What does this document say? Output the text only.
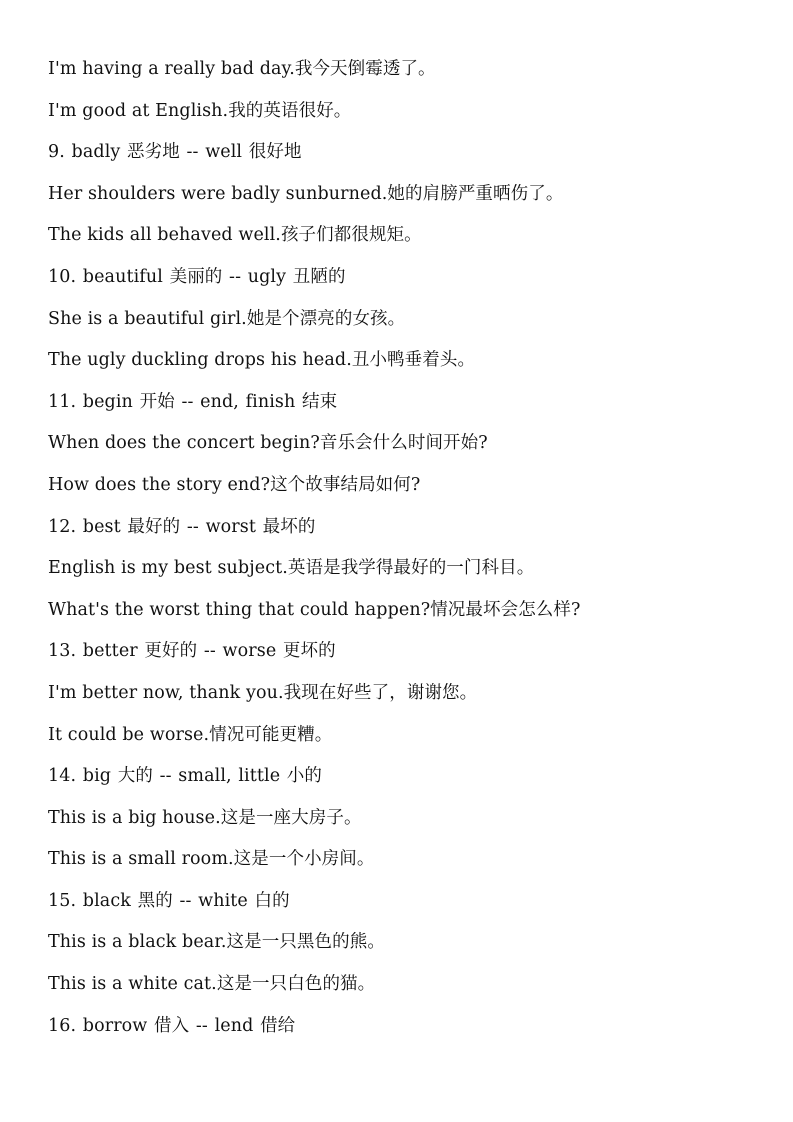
I'm having a really bad day.我今天倒霉透了。
I'm good at English.我的英语很好。
9. badly 恶劣地 -- well 很好地
Her shoulders were badly sunburned.她的肩膀严重晒伤了。
The kids all behaved well.孩子们都很规矩。
10. beautiful 美丽的 -- ugly 丑陋的
She is a beautiful girl.她是个漂亮的女孩。
The ugly duckling drops his head.丑小鸭垂着头。
11. begin 开始 -- end, finish 结束
When does the concert begin?音乐会什么时间开始?
How does the story end?这个故事结局如何?
12. best 最好的 -- worst 最坏的
English is my best subject.英语是我学得最好的一门科目。
What's the worst thing that could happen?情况最坏会怎么样?
13. better 更好的 -- worse 更坏的
I'm better now, thank you.我现在好些了，谢谢您。
It could be worse.情况可能更糟。
14. big 大的 -- small, little 小的
This is a big house.这是一座大房子。
This is a small room.这是一个小房间。
15. black 黑的 -- white 白的
This is a black bear.这是一只黑色的熊。
This is a white cat.这是一只白色的猫。
16. borrow 借入 -- lend 借给
